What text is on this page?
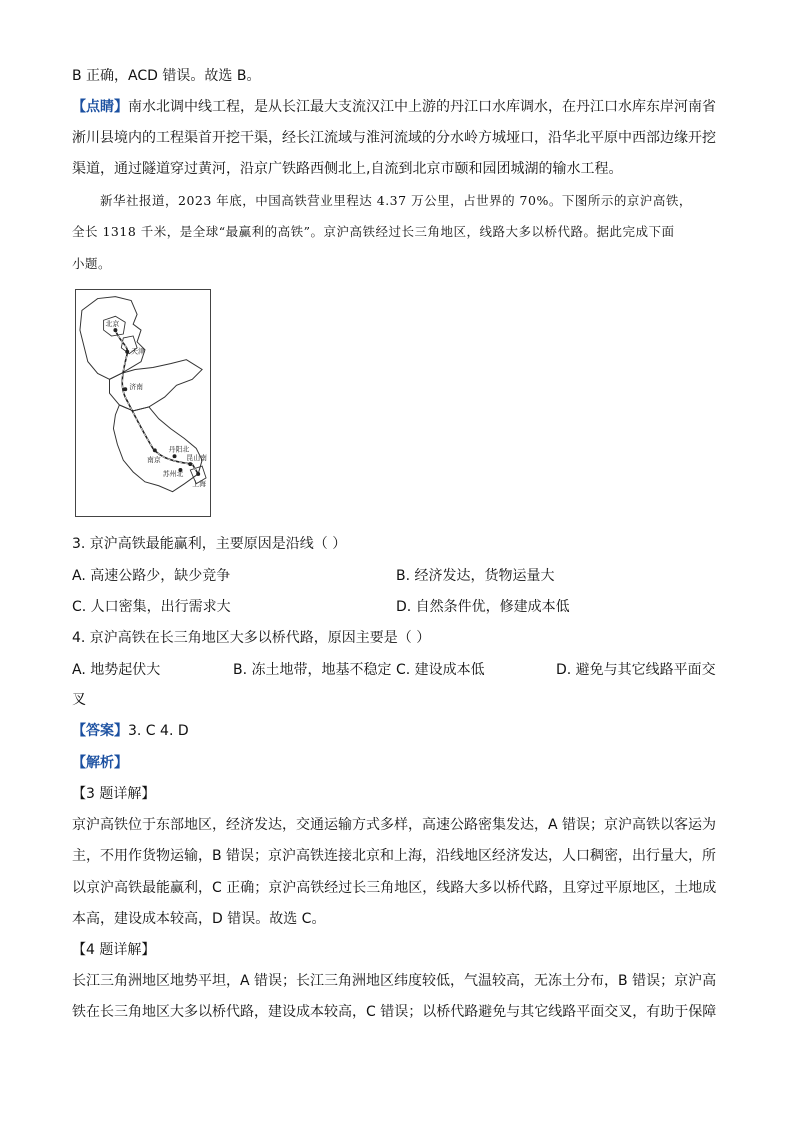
B 正确，ACD 错误。故选 B。
【点睛】南水北调中线工程，是从长江最大支流汉江中上游的丹江口水库调水，在丹江口水库东岸河南省
淅川县境内的工程渠首开挖干渠，经长江流域与淮河流域的分水岭方城垭口，沿华北平原中西部边缘开挖
渠道，通过隧道穿过黄河，沿京广铁路西侧北上,自流到北京市颐和园团城湖的输水工程。
新华社报道，2023 年底，中国高铁营业里程达 4.37 万公里，占世界的 70%。下图所示的京沪高铁，
全长 1318 千米，是全球“最赢利的高铁”。京沪高铁经过长三角地区，线路大多以桥代路。据此完成下面
小题。
北京
天津
济南
南京
丹阳北
昆山南
苏州北
上海
3. 京沪高铁最能赢利，主要原因是沿线（ ）
A. 高速公路少，缺少竞争	B. 经济发达，货物运量大
C. 人口密集，出行需求大	D. 自然条件优，修建成本低
4. 京沪高铁在长三角地区大多以桥代路，原因主要是（ ）
A. 地势起伏大	B. 冻土地带，地基不稳定 C. 建设成本低	D. 避免与其它线路平面交
叉
【答案】3. C 4. D
【解析】
【3 题详解】
京沪高铁位于东部地区，经济发达，交通运输方式多样，高速公路密集发达，A 错误；京沪高铁以客运为
主，不用作货物运输，B 错误；京沪高铁连接北京和上海，沿线地区经济发达，人口稠密，出行量大，所
以京沪高铁最能赢利，C 正确；京沪高铁经过长三角地区，线路大多以桥代路，且穿过平原地区，土地成
本高，建设成本较高，D 错误。故选 C。
【4 题详解】
长江三角洲地区地势平坦，A 错误；长江三角洲地区纬度较低，气温较高，无冻土分布，B 错误；京沪高
铁在长三角地区大多以桥代路，建设成本较高，C 错误；以桥代路避免与其它线路平面交叉，有助于保障
